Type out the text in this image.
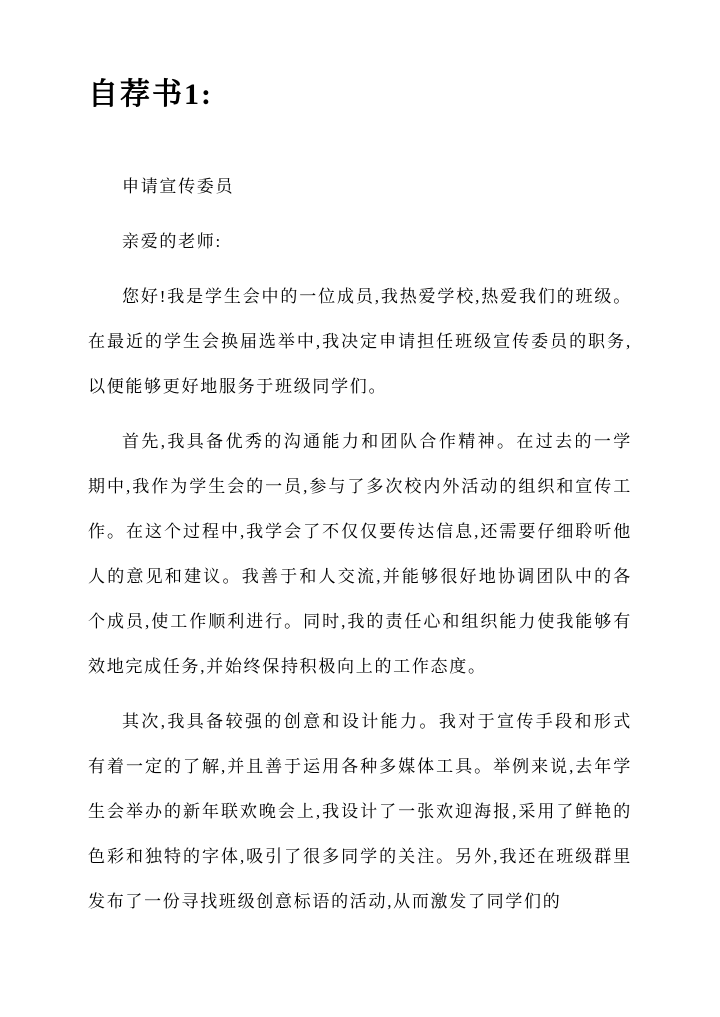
自荐书1:

申请宣传委员

亲爱的老师:

您好!我是学生会中的一位成员,我热爱学校,热爱我们的班级。在最近的学生会换届选举中,我决定申请担任班级宣传委员的职务,以便能够更好地服务于班级同学们。

首先,我具备优秀的沟通能力和团队合作精神。在过去的一学期中,我作为学生会的一员,参与了多次校内外活动的组织和宣传工作。在这个过程中,我学会了不仅仅要传达信息,还需要仔细聆听他人的意见和建议。我善于和人交流,并能够很好地协调团队中的各个成员,使工作顺利进行。同时,我的责任心和组织能力使我能够有效地完成任务,并始终保持积极向上的工作态度。

其次,我具备较强的创意和设计能力。我对于宣传手段和形式有着一定的了解,并且善于运用各种多媒体工具。举例来说,去年学生会举办的新年联欢晚会上,我设计了一张欢迎海报,采用了鲜艳的色彩和独特的字体,吸引了很多同学的关注。另外,我还在班级群里发布了一份寻找班级创意标语的活动,从而激发了同学们的
